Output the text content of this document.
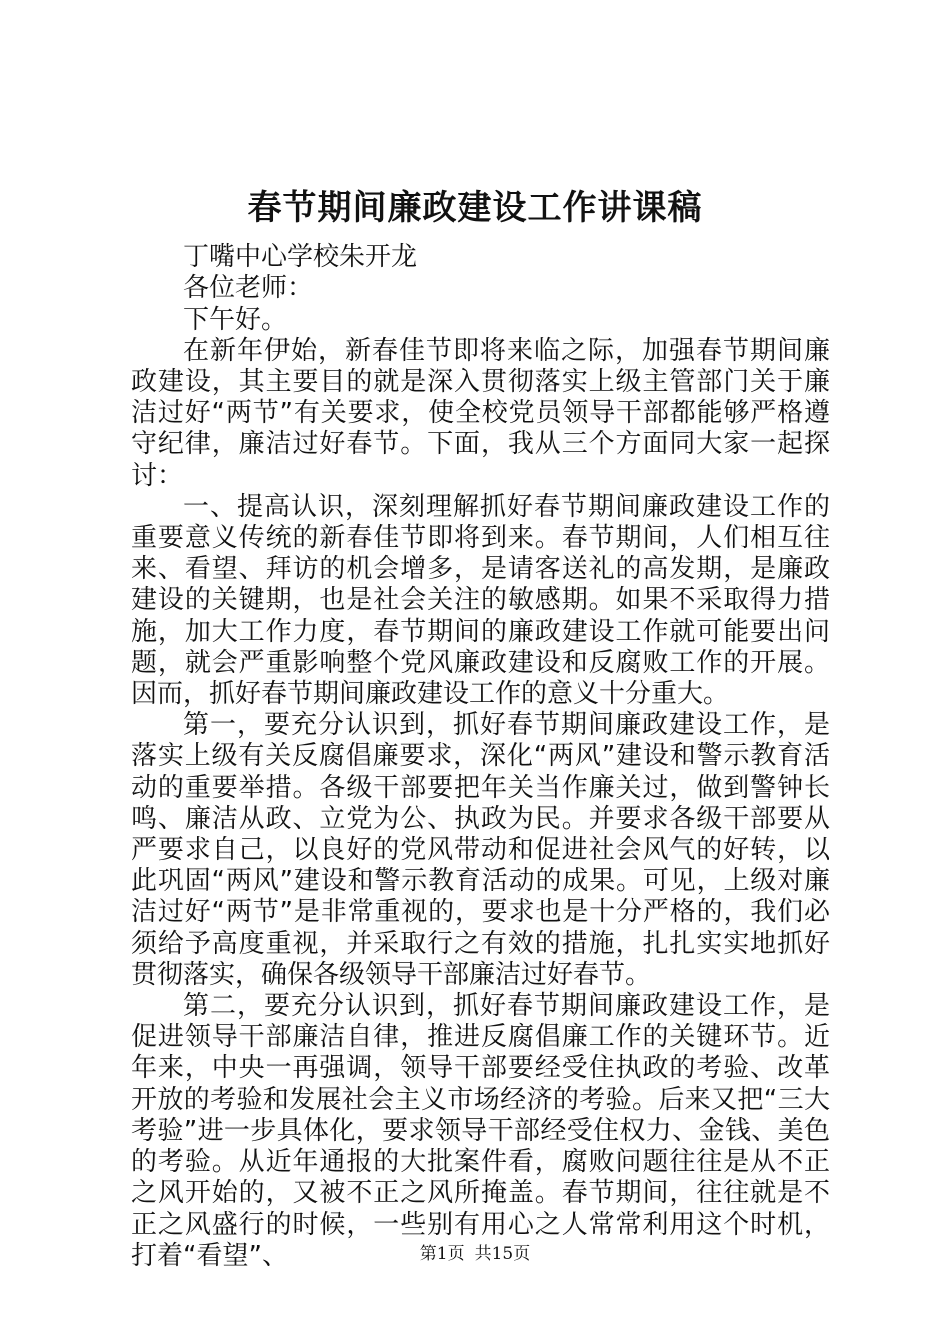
春节期间廉政建设工作讲课稿

丁嘴中心学校朱开龙

各位老师：

下午好。

在新年伊始，新春佳节即将来临之际，加强春节期间廉政建设，其主要目的就是深入贯彻落实上级主管部门关于廉洁过好“两节”有关要求，使全校党员领导干部都能够严格遵守纪律，廉洁过好春节。下面，我从三个方面同大家一起探讨：

一、提高认识，深刻理解抓好春节期间廉政建设工作的重要意义传统的新春佳节即将到来。春节期间，人们相互往来、看望、拜访的机会增多，是请客送礼的高发期，是廉政建设的关键期，也是社会关注的敏感期。如果不采取得力措施，加大工作力度，春节期间的廉政建设工作就可能要出问题，就会严重影响整个党风廉政建设和反腐败工作的开展。因而，抓好春节期间廉政建设工作的意义十分重大。

第一，要充分认识到，抓好春节期间廉政建设工作，是落实上级有关反腐倡廉要求，深化“两风”建设和警示教育活动的重要举措。各级干部要把年关当作廉关过，做到警钟长鸣、廉洁从政、立党为公、执政为民。并要求各级干部要从严要求自己，以良好的党风带动和促进社会风气的好转，以此巩固“两风”建设和警示教育活动的成果。可见，上级对廉洁过好“两节”是非常重视的，要求也是十分严格的，我们必须给予高度重视，并采取行之有效的措施，扎扎实实地抓好贯彻落实，确保各级领导干部廉洁过好春节。

第二，要充分认识到，抓好春节期间廉政建设工作，是促进领导干部廉洁自律，推进反腐倡廉工作的关键环节。近年来，中央一再强调，领导干部要经受住执政的考验、改革开放的考验和发展社会主义市场经济的考验。后来又把“三大考验”进一步具体化，要求领导干部经受住权力、金钱、美色的考验。从近年通报的大批案件看，腐败问题往往是从不正之风开始的，又被不正之风所掩盖。春节期间，往往就是不正之风盛行的时候，一些别有用心之人常常利用这个时机，打着“看望”、	第1页 共15页
